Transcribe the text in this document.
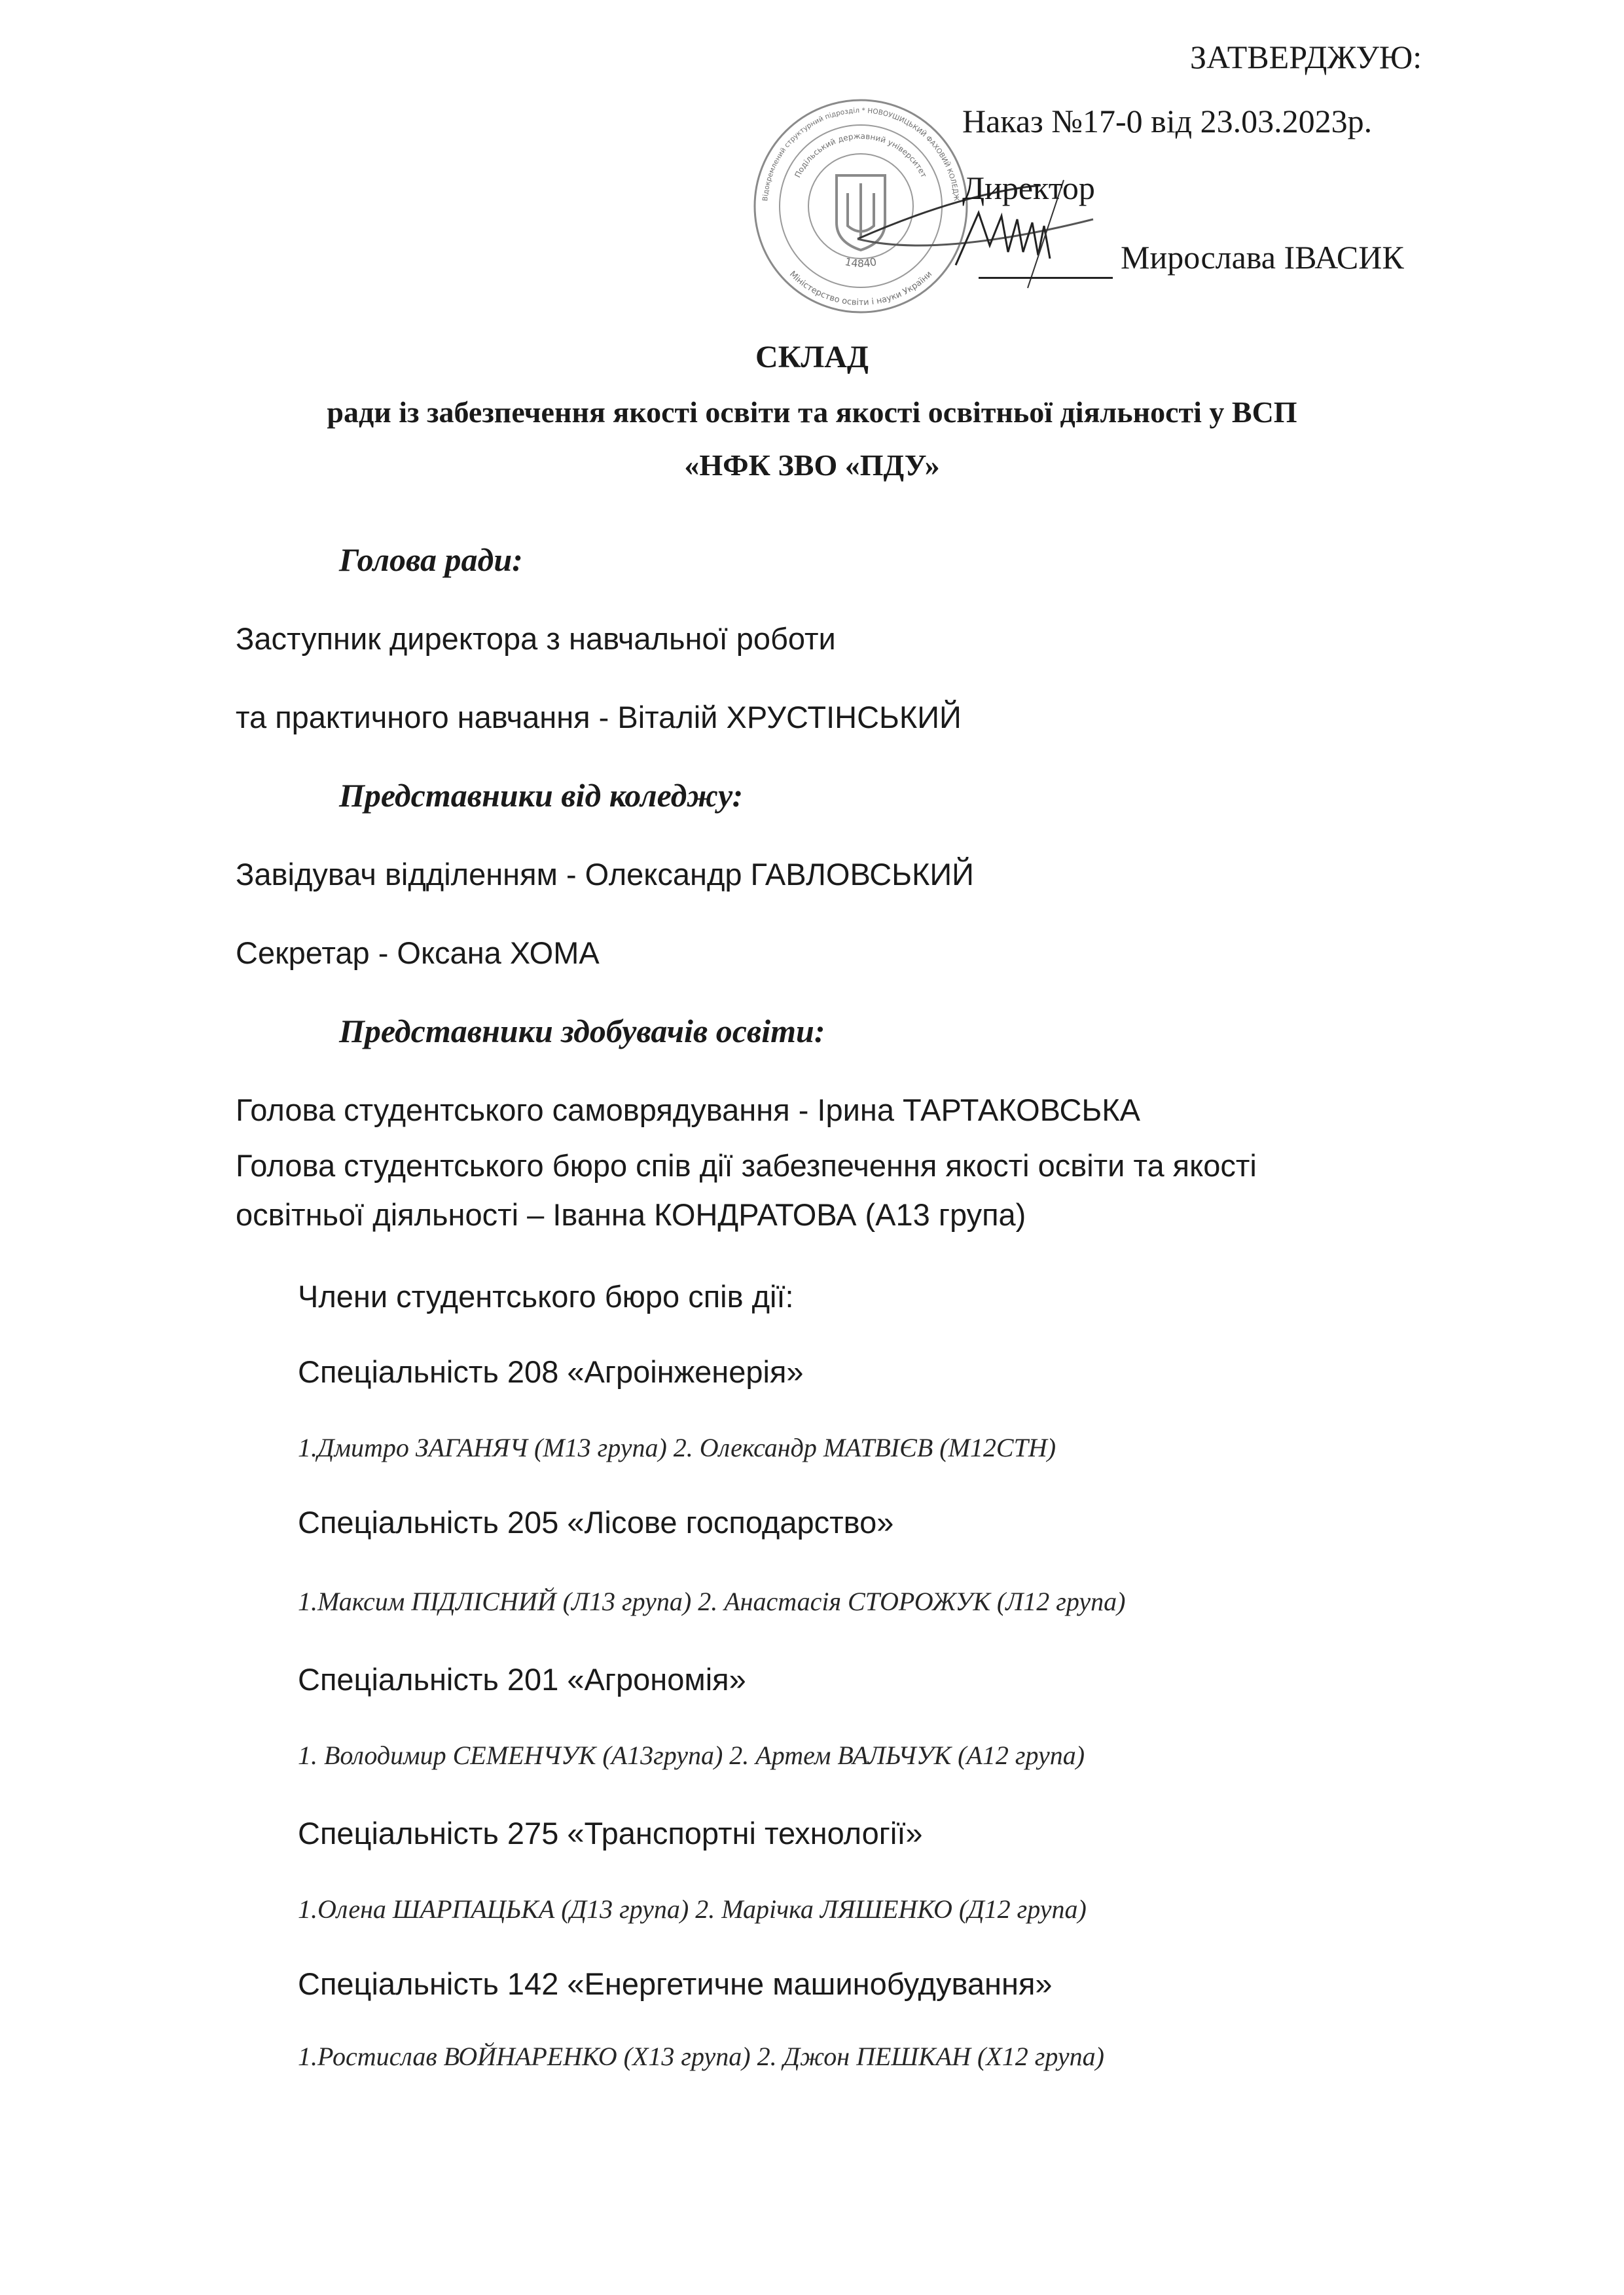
Відокремлений структурний підрозділ * НОВОУШИЦЬКИЙ ФАХОВИЙ КОЛЕДЖ
Подільський державний університет
Міністерство освіти і науки України
14840
ЗАТВЕРДЖУЮ:
Наказ №17-0 від 23.03.2023р.
Директор
Мирослава ІВАСИК
СКЛАД
ради із забезпечення якості освіти та якості освітньої діяльності у ВСП
«НФК ЗВО «ПДУ»
Голова ради:
Заступник директора з навчальної роботи
та практичного навчання - Віталій ХРУСТІНСЬКИЙ
Представники від коледжу:
Завідувач відділенням - Олександр ГАВЛОВСЬКИЙ
Секретар - Оксана ХОМА
Представники здобувачів освіти:
Голова студентського самоврядування - Ірина ТАРТАКОВСЬКА
Голова студентського бюро спів дії забезпечення якості освіти та якості
освітньої діяльності – Іванна КОНДРАТОВА (А13 група)
Члени студентського бюро спів дії:
Спеціальність 208 «Агроінженерія»
1.Дмитро ЗАГАНЯЧ (М13 група) 2. Олександр МАТВІЄВ (М12СТН)
Спеціальність 205 «Лісове господарство»
1.Максим ПІДЛІСНИЙ (Л13 група) 2. Анастасія СТОРОЖУК (Л12 група)
Спеціальність 201 «Агрономія»
1. Володимир СЕМЕНЧУК (А13група) 2. Артем ВАЛЬЧУК (А12 група)
Спеціальність 275 «Транспортні технології»
1.Олена ШАРПАЦЬКА (Д13 група) 2. Марічка ЛЯШЕНКО (Д12 група)
Спеціальність 142 «Енергетичне машинобудування»
1.Ростислав ВОЙНАРЕНКО (Х13 група) 2. Джон ПЕШКАН (Х12 група)
